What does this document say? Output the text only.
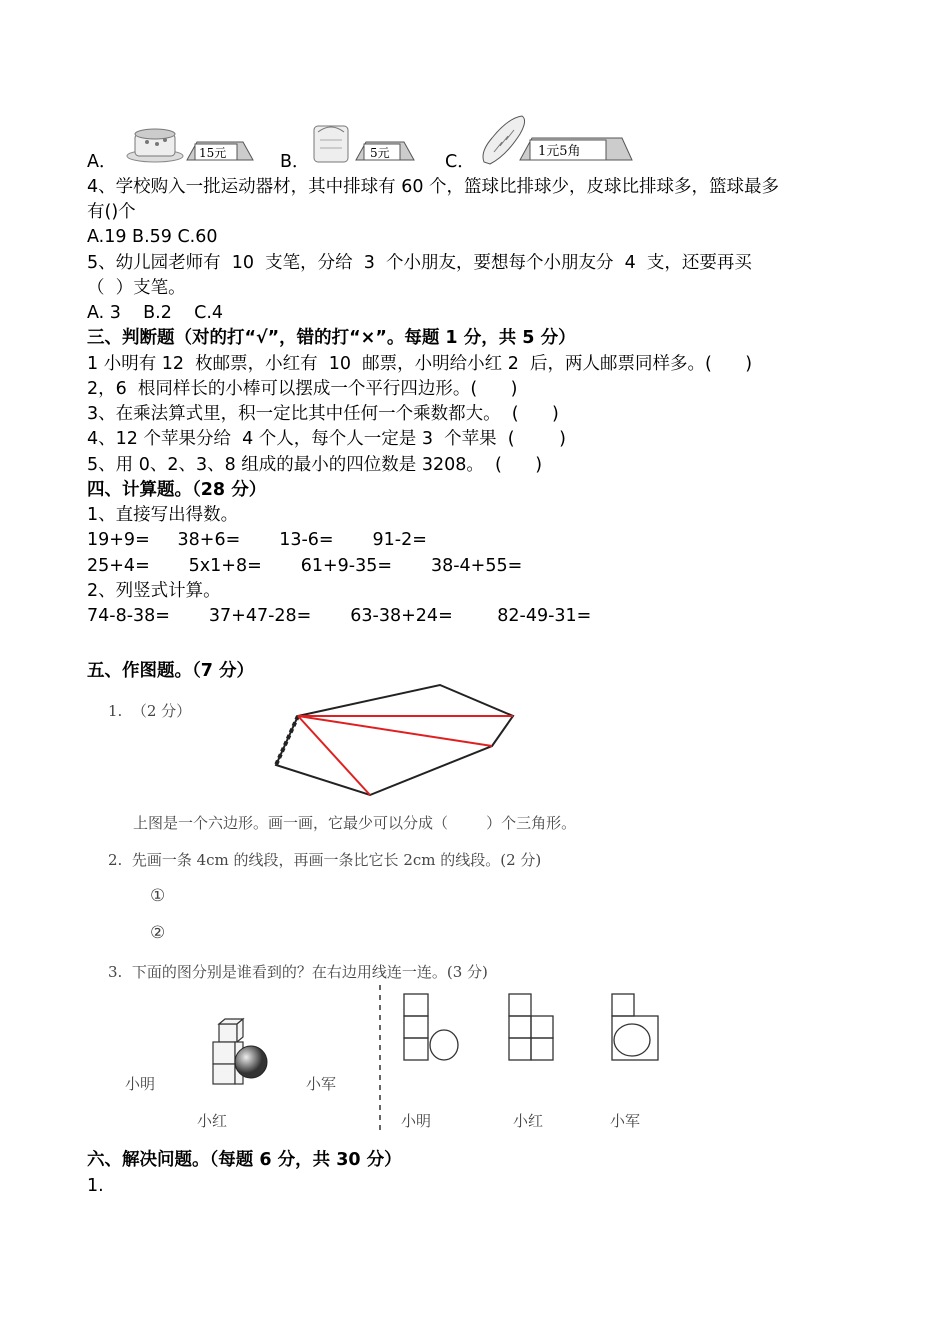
A．	15元	B．	5元	C．
1元5角
4、学校购入一批运动器材，其中排球有 60 个，篮球比排球少，皮球比排球多，篮球最多
有()个
A.19 B.59 C.60
5、幼儿园老师有  10  支笔，分给  3  个小朋友，要想每个小朋友分  4  支，还要再买
（  ）支笔。
A. 3    B.2    C.4
三、判断题（对的打“√”，错的打“×”。每题 1 分，共 5 分）
1 小明有 12  枚邮票，小红有  10  邮票，小明给小红 2  后，两人邮票同样多。(      )
2，6  根同样长的小棒可以摆成一个平行四边形。(      )
3、在乘法算式里，积一定比其中任何一个乘数都大。  (      )
4、12 个苹果分给  4 个人，每个人一定是 3  个苹果  (        )
5、用 0、2、3、8 组成的最小的四位数是 3208。  (      )
四、计算题。（28 分）
1、直接写出得数。
19+9=     38+6=       13-6=       91-2=
25+4=       5x1+8=       61+9-35=       38-4+55=
2、列竖式计算。
74-8-38=       37+47-28=       63-38+24=        82-49-31=
五、作图题。（7 分）
1.  （2 分）
上图是一个六边形。画一画，它最少可以分成（        ）个三角形。
2.  先画一条 4cm 的线段，再画一条比它长 2cm 的线段。(2 分)
①
②
3.  下面的图分别是谁看到的？在右边用线连一连。(3 分)
小明	小军
小红	小明	小红	小军
六、解决问题。（每题 6 分，共 30 分）
1.
